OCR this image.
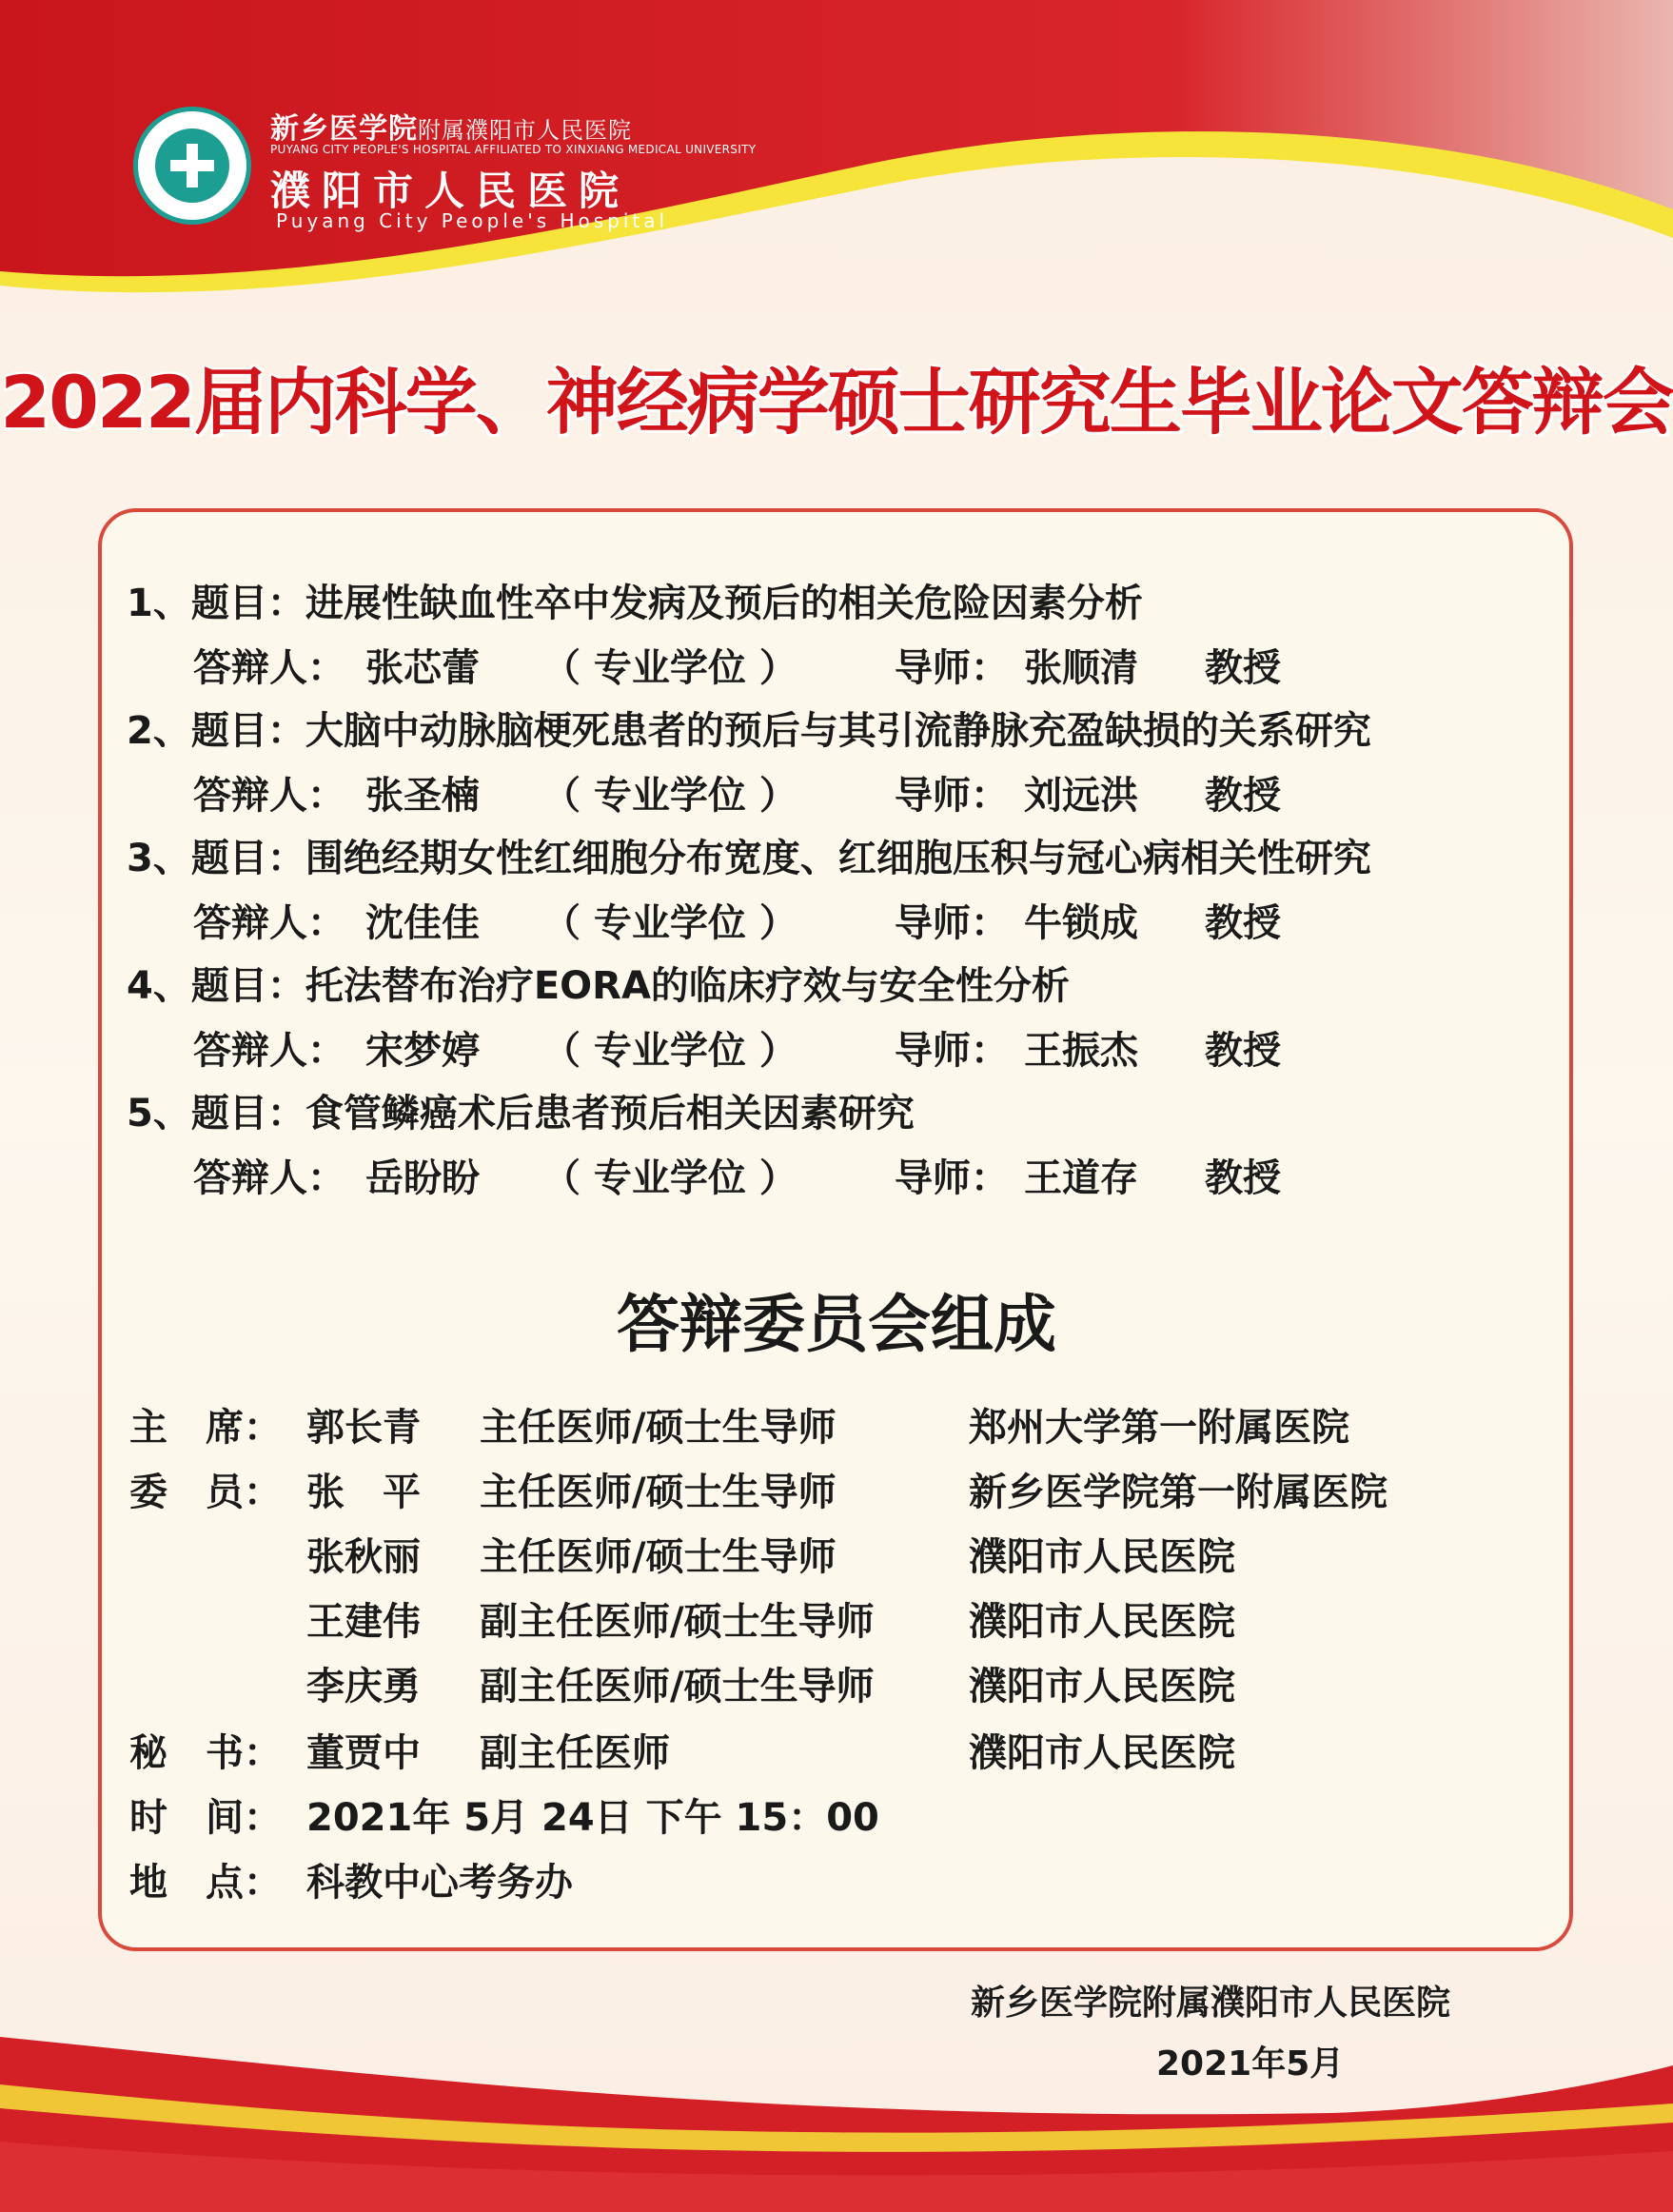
新乡医学院附属濮阳市人民医院
PUYANG CITY PEOPLE'S HOSPITAL AFFILIATED TO XINXIANG MEDICAL UNIVERSITY
濮阳市人民医院
Puyang City People's Hospital
2022届内科学、神经病学硕士研究生毕业论文答辩会
1、题目：进展性缺血性卒中发病及预后的相关危险因素分析
答辩人： 张芯蕾 （ 专业学位 ）	导师： 张顺清 教授
2、题目：大脑中动脉脑梗死患者的预后与其引流静脉充盈缺损的关系研究
答辩人： 张圣楠 （ 专业学位 ）	导师： 刘远洪 教授
3、题目：围绝经期女性红细胞分布宽度、红细胞压积与冠心病相关性研究
答辩人： 沈佳佳 （ 专业学位 ）	导师： 牛锁成 教授
4、题目：托法替布治疗EORA的临床疗效与安全性分析
答辩人： 宋梦婷 （ 专业学位 ）	导师： 王振杰 教授
5、题目：食管鳞癌术后患者预后相关因素研究
答辩人： 岳盼盼 （ 专业学位 ）	导师： 王道存 教授
答辩委员会组成
主　席： 郭长青 主任医师/硕士生导师	郑州大学第一附属医院
委　员： 张　平 主任医师/硕士生导师	新乡医学院第一附属医院
张秋丽 主任医师/硕士生导师	濮阳市人民医院
王建伟 副主任医师/硕士生导师 濮阳市人民医院
李庆勇 副主任医师/硕士生导师 濮阳市人民医院
秘　书： 董贾中 副主任医师	濮阳市人民医院
时　间： 2021年 5月 24日 下午 15：00
地　点： 科教中心考务办
新乡医学院附属濮阳市人民医院
2021年5月
